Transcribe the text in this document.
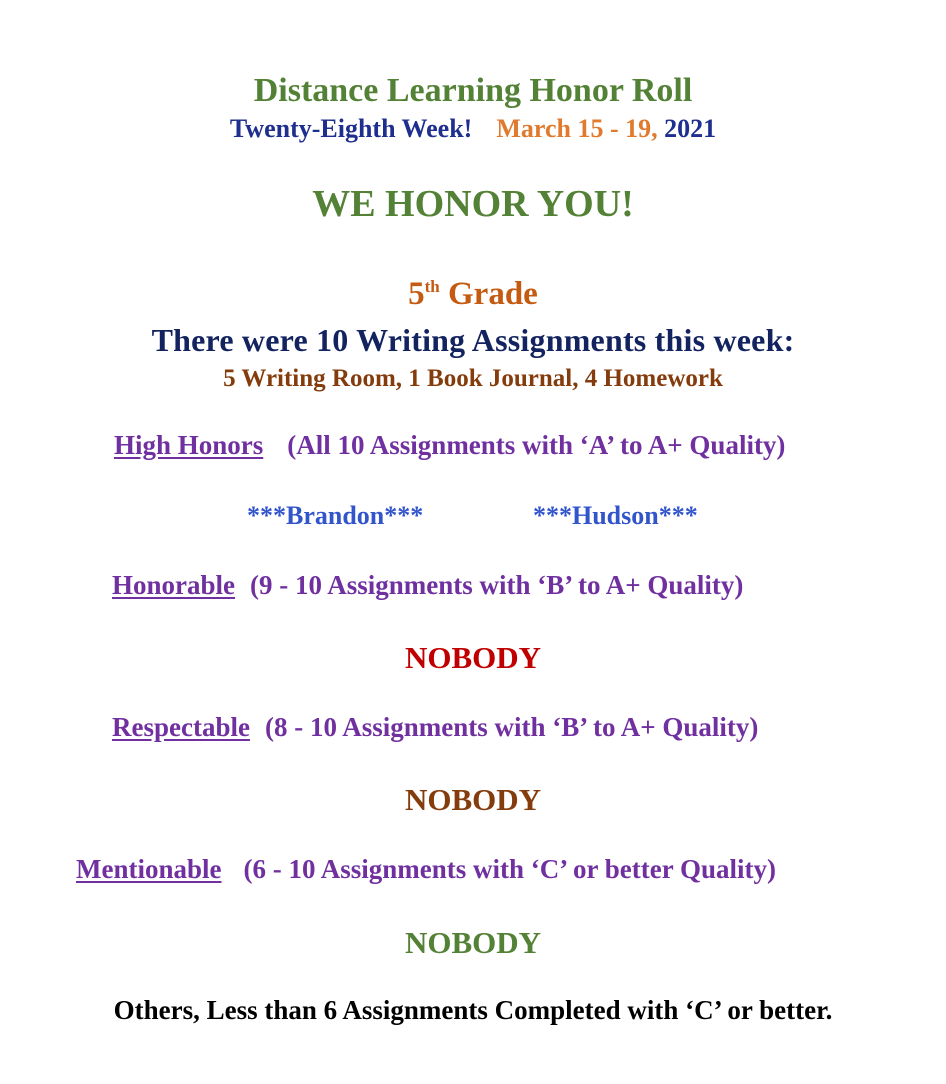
Distance Learning Honor Roll
Twenty-Eighth Week! March 15 - 19, 2021
WE HONOR YOU!
5th Grade
There were 10 Writing Assignments this week:
5 Writing Room, 1 Book Journal, 4 Homework
High Honors (All 10 Assignments with ‘A’ to A+ Quality)
***Brandon***	***Hudson***
Honorable (9 - 10 Assignments with ‘B’ to A+ Quality)
NOBODY
Respectable (8 - 10 Assignments with ‘B’ to A+ Quality)
NOBODY
Mentionable (6 - 10 Assignments with ‘C’ or better Quality)
NOBODY
Others, Less than 6 Assignments Completed with ‘C’ or better.
